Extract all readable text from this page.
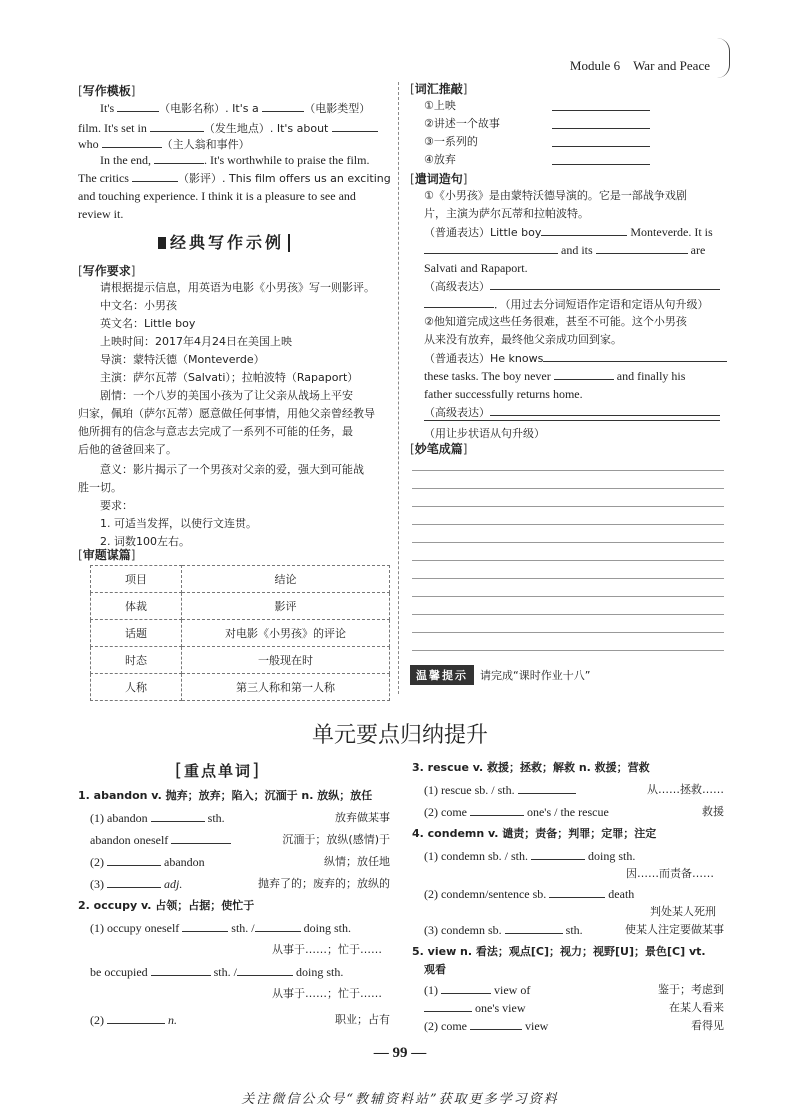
Module 6　War and Peace
[写作模板]
It's	（电影名称）. It's a	（电影类型）
film. It's set in	（发生地点）. It's about
who	（主人翁和事件）
In the end,	. It's worthwhile to praise the film.
The critics	（影评）. This film offers us an exciting
and touching experience. I think it is a pleasure to see and
review it.
经典写作示例
[写作要求]
请根据提示信息，用英语为电影《小男孩》写一则影评。
中文名：小男孩
英文名：Little boy
上映时间：2017年4月24日在美国上映
导演：蒙特沃德（Monteverde）
主演：萨尔瓦蒂（Salvati）；拉帕波特（Rapaport）
剧情：一个八岁的美国小孩为了让父亲从战场上平安
归家，佩珀（萨尔瓦蒂）愿意做任何事情，用他父亲曾经教导
他所拥有的信念与意志去完成了一系列不可能的任务，最
后他的爸爸回来了。
意义：影片揭示了一个男孩对父亲的爱，强大到可能战
胜一切。
要求：
1. 可适当发挥，以使行文连贯。
2. 词数100左右。
[审题谋篇]
项目	结论
体裁	影评
话题	对电影《小男孩》的评论
时态	一般现在时
人称	第三人称和第一人称
[词汇推敲]
①上映
②讲述一个故事
③一系列的
④放弃
[遣词造句]
①《小男孩》是由蒙特沃德导演的。它是一部战争戏剧
片，主演为萨尔瓦蒂和拉帕波特。
（普通表达）Little boy	Monteverde. It is
and its	are
Salvati and Rapaport.
（高级表达）
．（用过去分词短语作定语和定语从句升级）
②他知道完成这些任务很难，甚至不可能。这个小男孩
从来没有放弃，最终他父亲成功回到家。
（普通表达）He knows
these tasks. The boy never	and finally his
father successfully returns home.
（高级表达）
（用让步状语从句升级）
[妙笔成篇]
温馨提示 请完成“课时作业十八”
单元要点归纳提升
[重点单词]
1. abandon v. 抛弃；放弃；陷入；沉湎于 n. 放纵；放任
(1) abandon	sth.	放弃做某事
abandon oneself	沉湎于；放纵(感情)于
(2)	abandon	纵情；放任地
(3)	adj.	抛弃了的；废弃的；放纵的
2. occupy v. 占领；占据；使忙于
(1) occupy oneself	sth. /	doing sth.
从事于……；忙于……
be occupied	sth. /	doing sth.
从事于……；忙于……
(2)	n.	职业；占有
3. rescue v. 救援；拯救；解救 n. 救援；营救
(1) rescue sb. / sth.	从……拯救……
(2) come	one's / the rescue	救援
4. condemn v. 谴责；责备；判罪；定罪；注定
(1) condemn sb. / sth.	doing sth.
因……而责备……
(2) condemn/sentence sb.	death
判处某人死刑
(3) condemn sb.	sth.	使某人注定要做某事
5. view n. 看法；观点[C]；视力；视野[U]；景色[C] vt.
观看
(1)	view of	鉴于；考虑到
one's view	在某人看来
(2) come	view	看得见
— 99 —
关注微信公众号“教辅资料站”获取更多学习资料
